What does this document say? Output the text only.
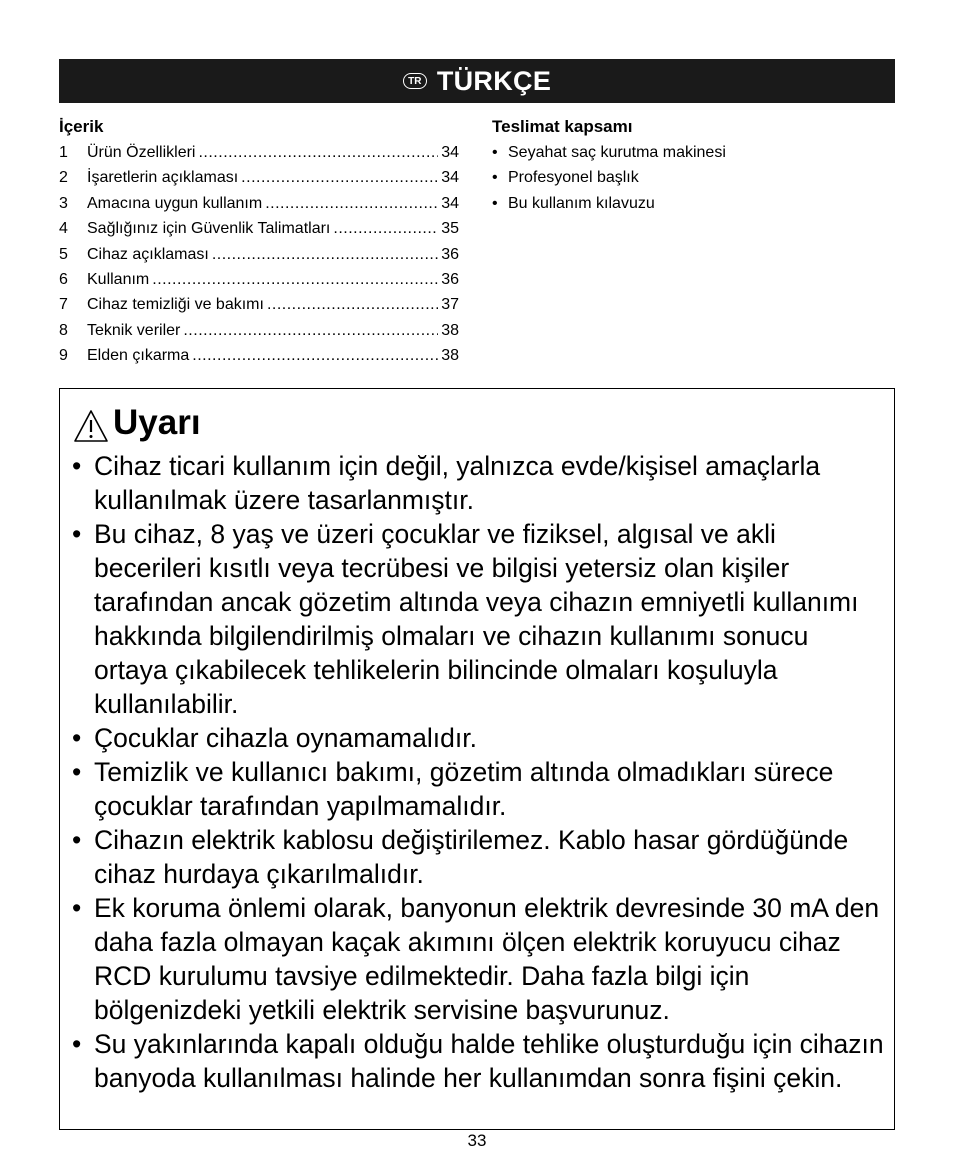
TR TÜRKÇE
İçerik
1	Ürün Özellikleri .....	34
2	İşaretlerin açıklaması .....	34
3	Amacına uygun kullanım .....	34
4	Sağlığınız için Güvenlik Talimatları .....	35
5	Cihaz açıklaması .....	36
6	Kullanım .....	36
7	Cihaz temizliği ve bakımı .....	37
8	Teknik veriler .....	38
9	Elden çıkarma .....	38
Teslimat kapsamı
• Seyahat saç kurutma makinesi
• Profesyonel başlık
• Bu kullanım kılavuzu
Uyarı
• Cihaz ticari kullanım için değil, yalnızca evde/kişisel amaçlarla kullanılmak üzere tasarlanmıştır.
• Bu cihaz, 8 yaş ve üzeri çocuklar ve fiziksel, algısal ve akli becerileri kısıtlı veya tecrübesi ve bilgisi yetersiz olan kişiler tarafından ancak gözetim altında veya cihazın emniyetli kullanımı hakkında bilgilendirilmiş olmaları ve cihazın kullanımı sonucu ortaya çıkabilecek tehlikelerin bilincinde olmaları koşuluyla kullanılabilir.
• Çocuklar cihazla oynamamalıdır.
• Temizlik ve kullanıcı bakımı, gözetim altında olmadıkları sürece çocuklar tarafından yapılmamalıdır.
• Cihazın elektrik kablosu değiştirilemez. Kablo hasar gördüğünde cihaz hurdaya çıkarılmalıdır.
• Ek koruma önlemi olarak, banyonun elektrik devresinde 30 mA den daha fazla olmayan kaçak akımını ölçen elektrik koruyucu cihaz RCD kurulumu tavsiye edilmektedir. Daha fazla bilgi için bölgenizdeki yetkili elektrik servisine başvurunuz.
• Su yakınlarında kapalı olduğu halde tehlike oluşturduğu için cihazın banyoda kullanılması halinde her kullanımdan sonra fişini çekin.
33
